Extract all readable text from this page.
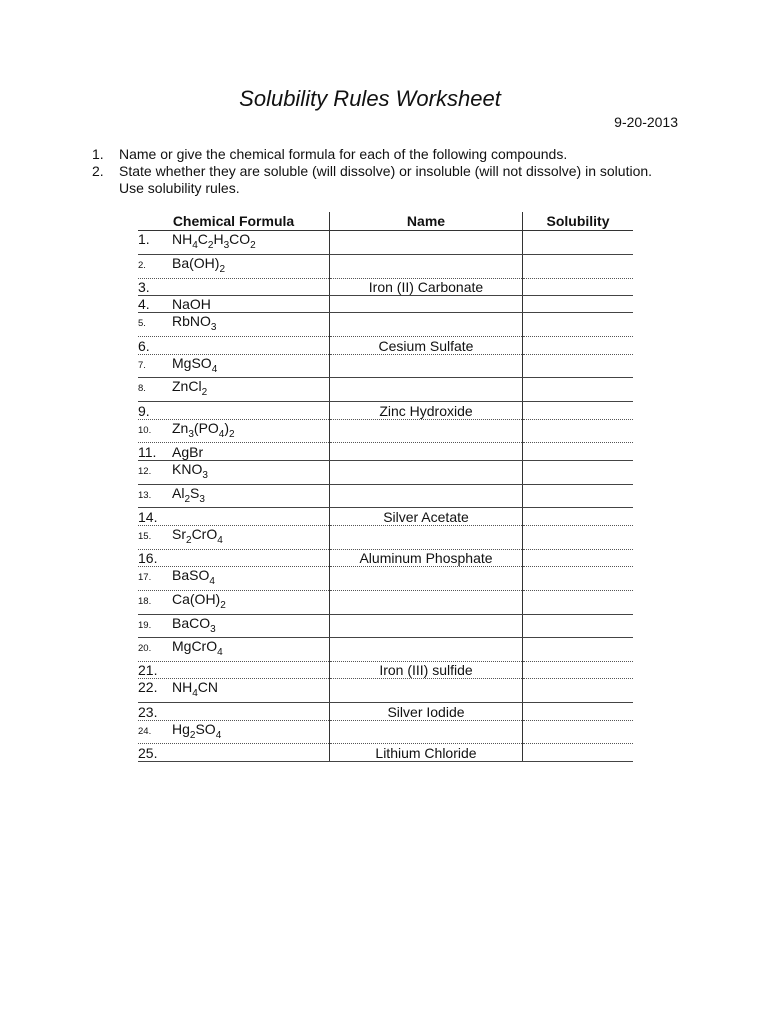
Solubility Rules Worksheet
9-20-2013
1. Name or give the chemical formula for each of the following compounds.
2. State whether they are soluble (will dissolve) or insoluble (will not dissolve) in solution. Use solubility rules.
Chemical Formula	Name	Solubility
1. $NH_4C_2H_3CO_2$		
2. $Ba(OH)_2$		
3.	Iron (II) Carbonate	
4. NaOH		
5. RbNO$_3$		
6.	Cesium Sulfate	
7. MgSO$_4$		
8. ZnCl$_2$		
9.	Zinc Hydroxide	
10. $Zn_3(PO_4)_2$		
11. AgBr		
12. $KNO_3$		
13. $Al_2S_3$		
14.	Silver Acetate	
15. $Sr_2CrO_4$		
16.	Aluminum Phosphate	
17. BaSO$_4$		
18. $Ca(OH)_2$		
19. BaCO$_3$		
20. MgCrO$_4$		
21.	Iron (III) sulfide	
22. $NH_4CN$		
23.	Silver Iodide	
24. $Hg_2SO_4$		
25.	Lithium Chloride	
